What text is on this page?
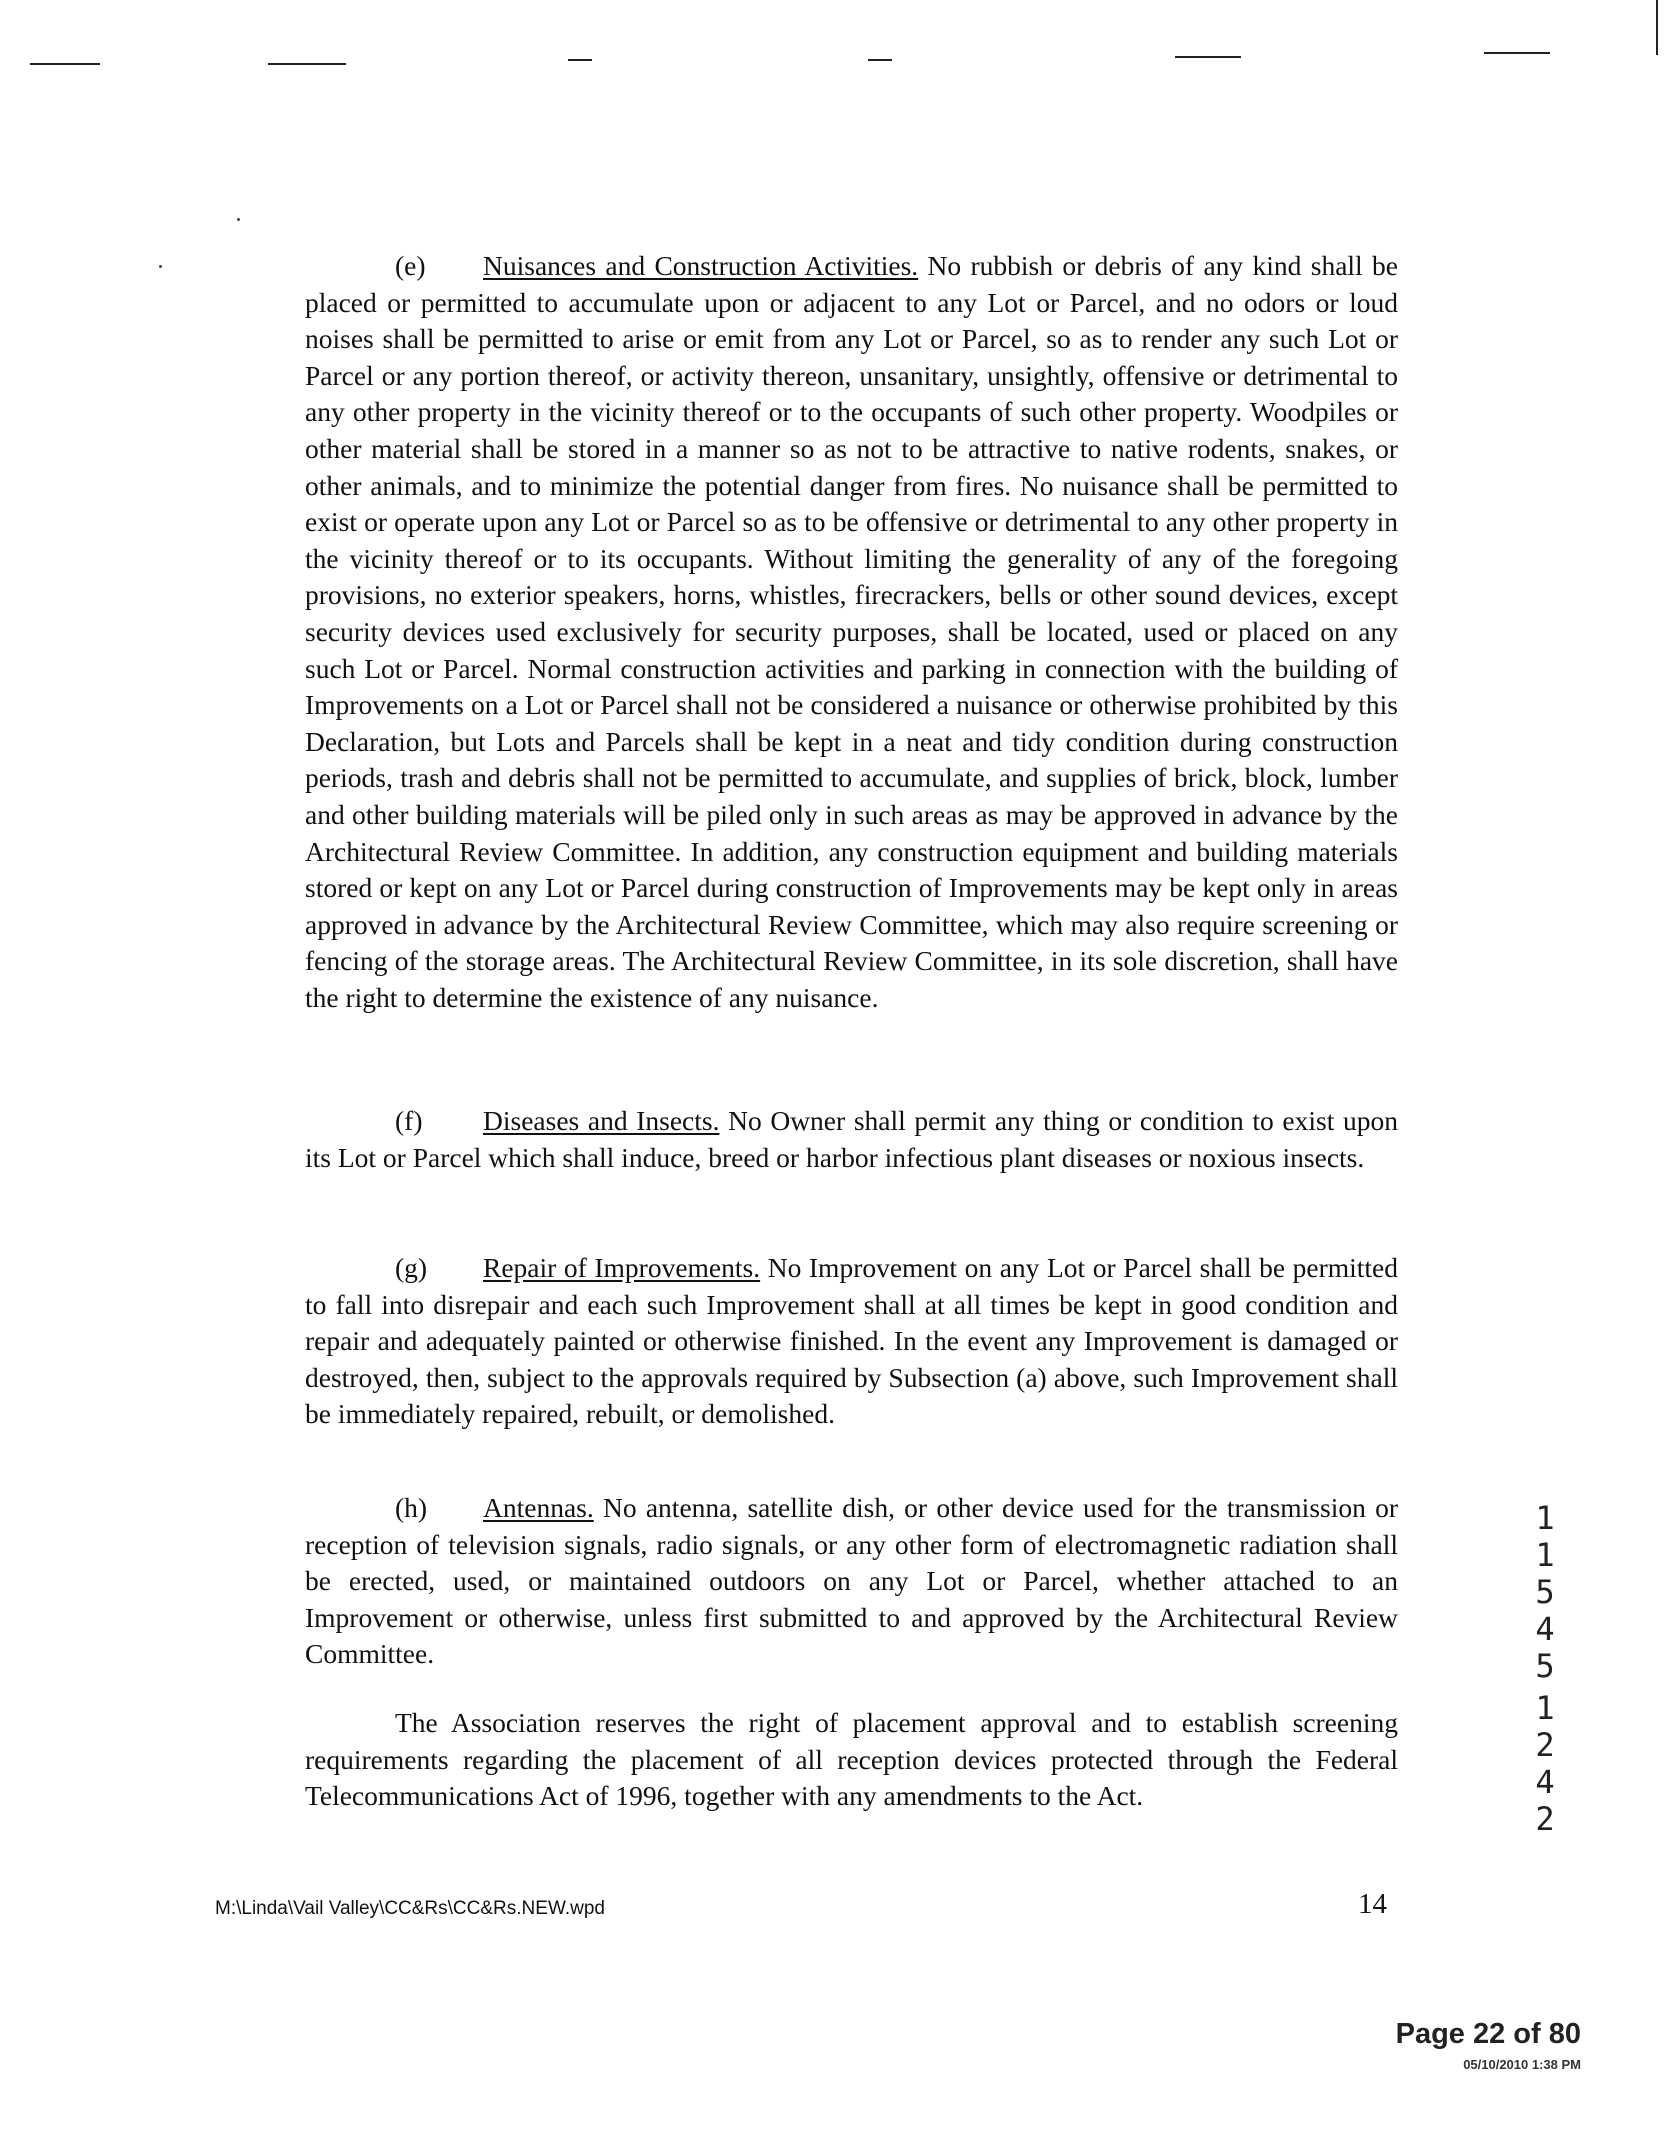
(e) Nuisances and Construction Activities. No rubbish or debris of any kind shall be placed or permitted to accumulate upon or adjacent to any Lot or Parcel, and no odors or loud noises shall be permitted to arise or emit from any Lot or Parcel, so as to render any such Lot or Parcel or any portion thereof, or activity thereon, unsanitary, unsightly, offensive or detrimental to any other property in the vicinity thereof or to the occupants of such other property. Woodpiles or other material shall be stored in a manner so as not to be attractive to native rodents, snakes, or other animals, and to minimize the potential danger from fires. No nuisance shall be permitted to exist or operate upon any Lot or Parcel so as to be offensive or detrimental to any other property in the vicinity thereof or to its occupants. Without limiting the generality of any of the foregoing provisions, no exterior speakers, horns, whistles, firecrackers, bells or other sound devices, except security devices used exclusively for security purposes, shall be located, used or placed on any such Lot or Parcel. Normal construction activities and parking in connection with the building of Improvements on a Lot or Parcel shall not be considered a nuisance or otherwise prohibited by this Declaration, but Lots and Parcels shall be kept in a neat and tidy condition during construction periods, trash and debris shall not be permitted to accumulate, and supplies of brick, block, lumber and other building materials will be piled only in such areas as may be approved in advance by the Architectural Review Committee. In addition, any construction equipment and building materials stored or kept on any Lot or Parcel during construction of Improvements may be kept only in areas approved in advance by the Architectural Review Committee, which may also require screening or fencing of the storage areas. The Architectural Review Committee, in its sole discretion, shall have the right to determine the existence of any nuisance.
(f) Diseases and Insects. No Owner shall permit any thing or condition to exist upon its Lot or Parcel which shall induce, breed or harbor infectious plant diseases or noxious insects.
(g) Repair of Improvements. No Improvement on any Lot or Parcel shall be permitted to fall into disrepair and each such Improvement shall at all times be kept in good condition and repair and adequately painted or otherwise finished. In the event any Improvement is damaged or destroyed, then, subject to the approvals required by Subsection (a) above, such Improvement shall be immediately repaired, rebuilt, or demolished.
(h) Antennas. No antenna, satellite dish, or other device used for the transmission or reception of television signals, radio signals, or any other form of electromagnetic radiation shall be erected, used, or maintained outdoors on any Lot or Parcel, whether attached to an Improvement or otherwise, unless first submitted to and approved by the Architectural Review Committee.
The Association reserves the right of placement approval and to establish screening requirements regarding the placement of all reception devices protected through the Federal Telecommunications Act of 1996, together with any amendments to the Act.
M:\Linda\Vail Valley\CC&Rs\CC&Rs.NEW.wpd	14
1
1
5
4
5
1
2
4
2
Page 22 of 80
05/10/2010 1:38 PM
